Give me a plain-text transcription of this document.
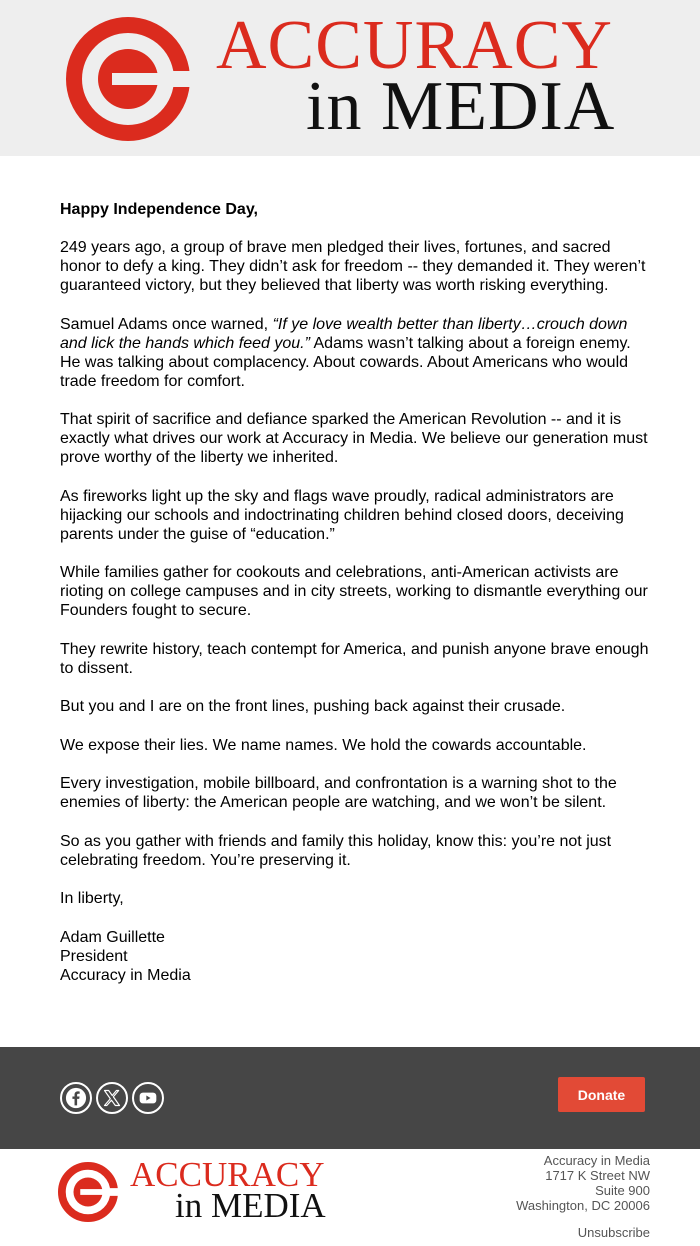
ACCURACY
in MEDIA

Happy Independence Day,

249 years ago, a group of brave men pledged their lives, fortunes, and sacred honor to defy a king. They didn’t ask for freedom -- they demanded it. They weren’t guaranteed victory, but they believed that liberty was worth risking everything.

Samuel Adams once warned, “If ye love wealth better than liberty…crouch down and lick the hands which feed you.” Adams wasn’t talking about a foreign enemy. He was talking about complacency. About cowards. About Americans who would trade freedom for comfort.

That spirit of sacrifice and defiance sparked the American Revolution -- and it is exactly what drives our work at Accuracy in Media. We believe our generation must prove worthy of the liberty we inherited.

As fireworks light up the sky and flags wave proudly, radical administrators are hijacking our schools and indoctrinating children behind closed doors, deceiving parents under the guise of “education.”

While families gather for cookouts and celebrations, anti-American activists are rioting on college campuses and in city streets, working to dismantle everything our Founders fought to secure.

They rewrite history, teach contempt for America, and punish anyone brave enough to dissent.

But you and I are on the front lines, pushing back against their crusade.

We expose their lies. We name names. We hold the cowards accountable.

Every investigation, mobile billboard, and confrontation is a warning shot to the enemies of liberty: the American people are watching, and we won’t be silent.

So as you gather with friends and family this holiday, know this: you’re not just celebrating freedom. You’re preserving it.

In liberty,

Adam Guillette
President
Accuracy in Media

Donate
ACCURACY
in MEDIA
Accuracy in Media
1717 K Street NW
Suite 900
Washington, DC 20006
Unsubscribe
